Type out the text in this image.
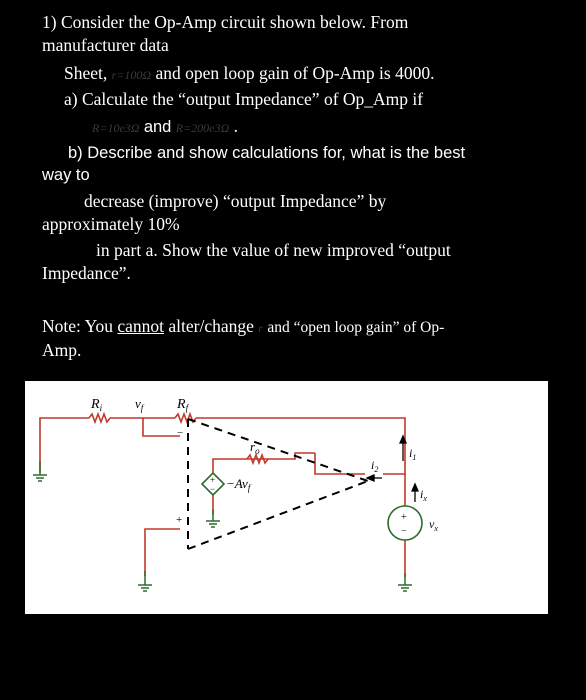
1) Consider the Op-Amp circuit shown below. From
manufacturer data
Sheet, r=100Ω and open loop gain of Op-Amp is 4000.
a) Calculate the “output Impedance” of Op_Amp if
R=10e3Ω and R=200e3Ω .
b) Describe and show calculations for, what is the best
way to
decrease (improve) “output Impedance” by
approximately 10%
in part a. Show the value of new improved “output
Impedance”.
Note: You cannot alter/change r and “open loop gain” of Op-
Amp.
−
+
+
−
+
−
$R_i$	$v_f$ $R_f$
$r_o$
$-Av_f$
$i_1$
$i_2$
$i_x$
$v_x$
